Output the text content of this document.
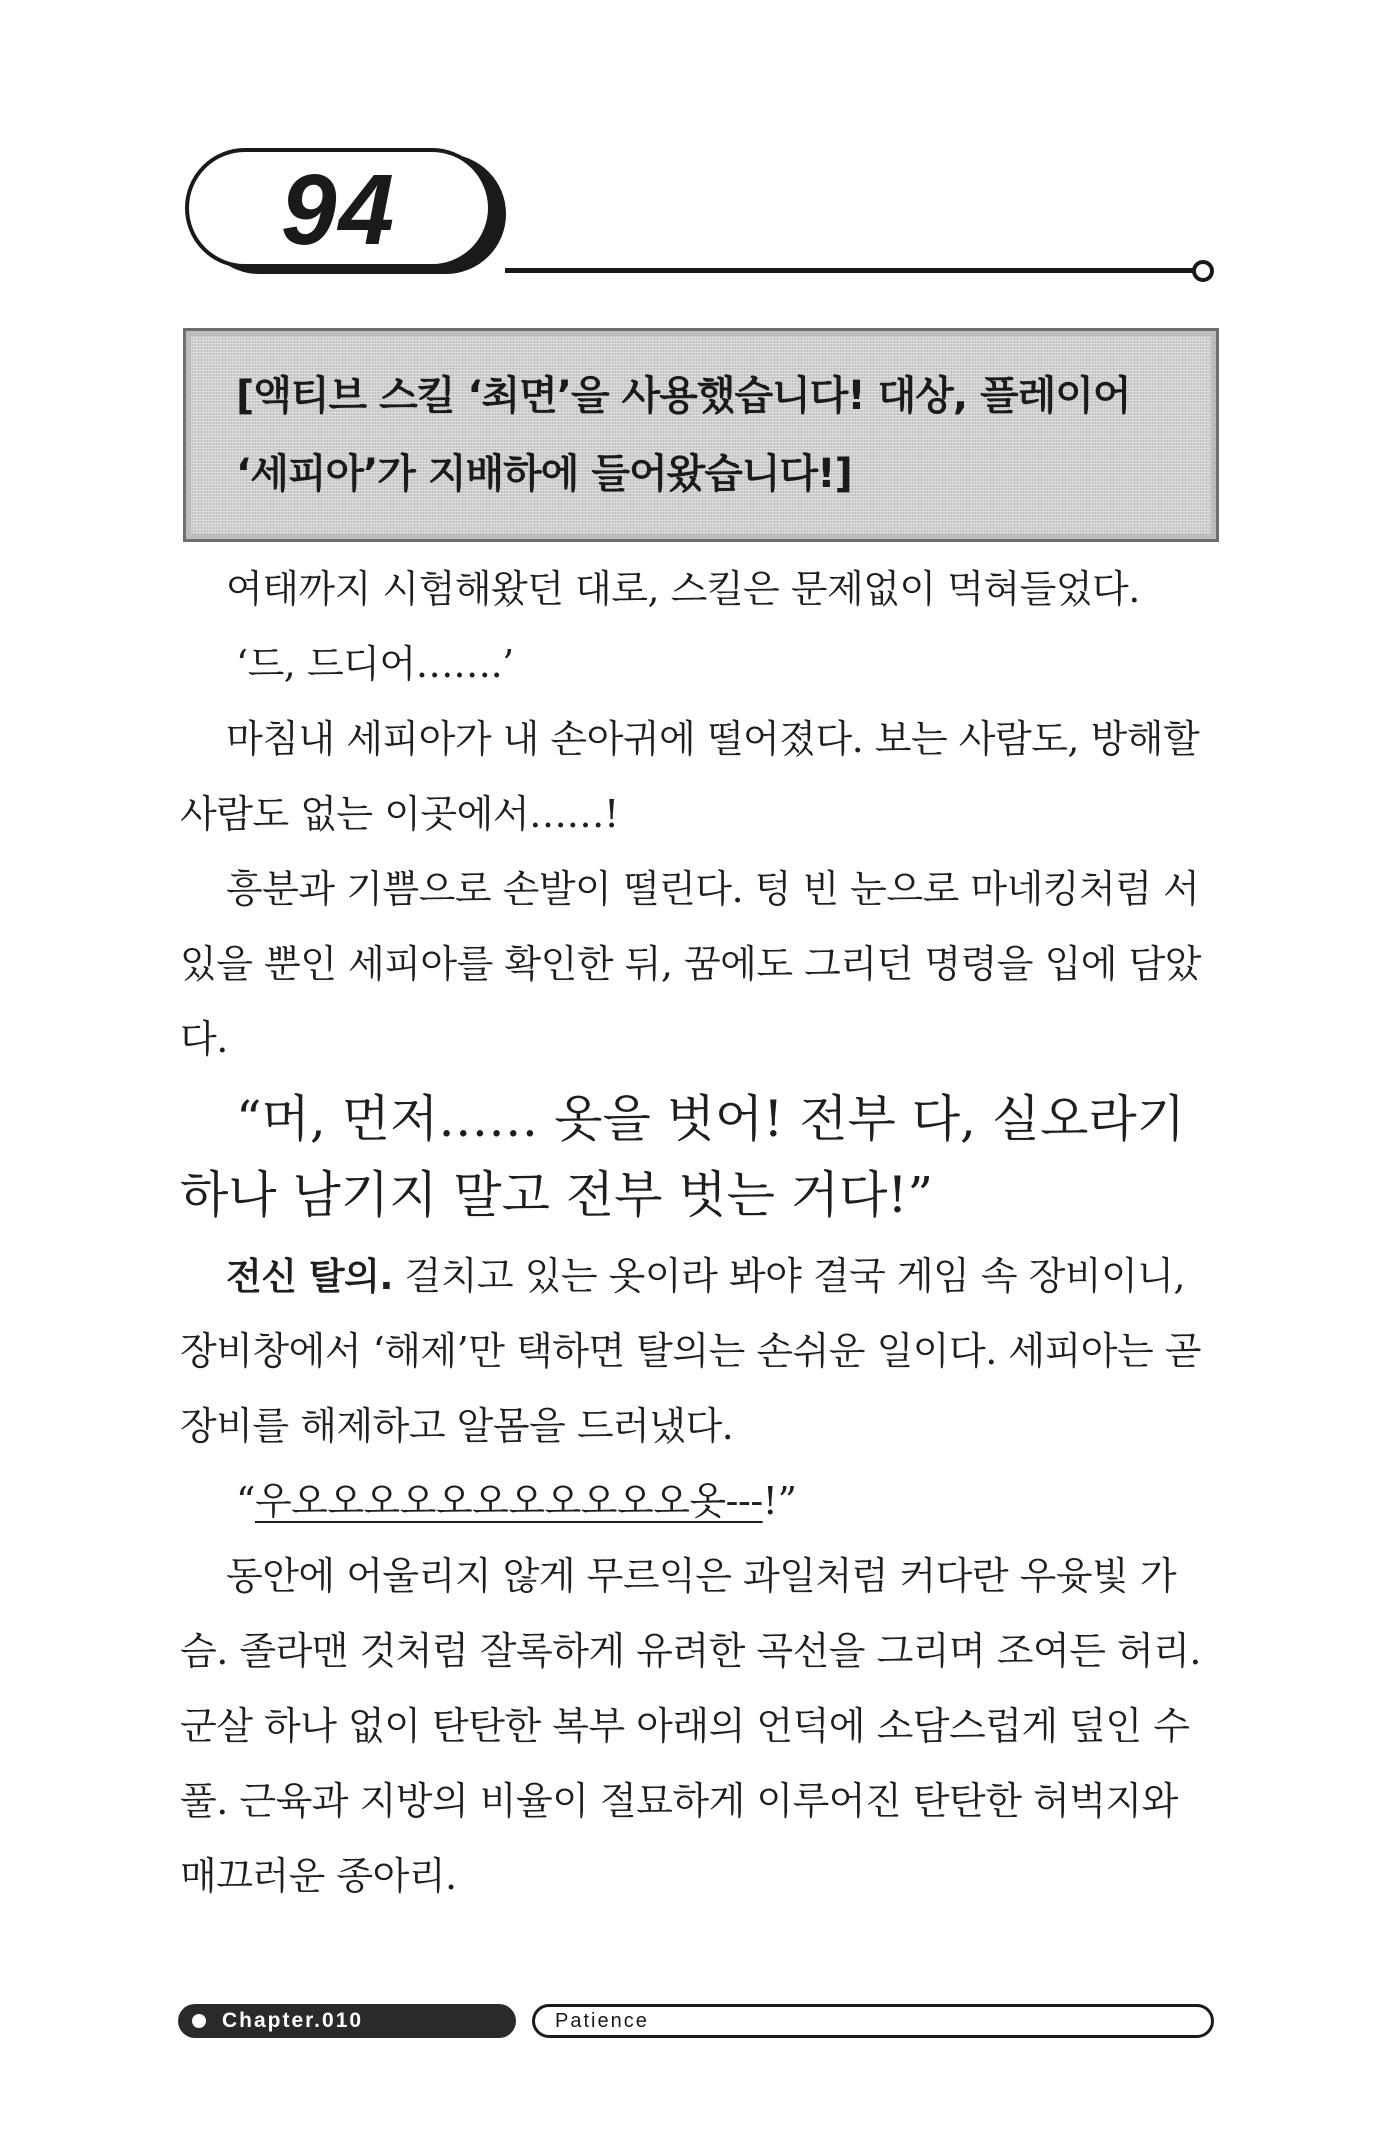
94

[액티브 스킬 ‘최면’을 사용했습니다! 대상, 플레이어
‘세피아’가 지배하에 들어왔습니다!]

여태까지 시험해왔던 대로, 스킬은 문제없이 먹혀들었다.

‘드, 드디어…….’

마침내 세피아가 내 손아귀에 떨어졌다. 보는 사람도, 방해할 사람도 없는 이곳에서……!

흥분과 기쁨으로 손발이 떨린다. 텅 빈 눈으로 마네킹처럼 서 있을 뿐인 세피아를 확인한 뒤, 꿈에도 그리던 명령을 입에 담았다.

“머, 먼저…… 옷을 벗어! 전부 다, 실오라기 하나 남기지 말고 전부 벗는 거다!”

전신 탈의. 걸치고 있는 옷이라 봐야 결국 게임 속 장비이니, 장비창에서 ‘해제’만 택하면 탈의는 손쉬운 일이다. 세피아는 곧 장비를 해제하고 알몸을 드러냈다.

“우오오오오오오오오오오오옷---!”

동안에 어울리지 않게 무르익은 과일처럼 커다란 우윳빛 가슴. 졸라맨 것처럼 잘록하게 유려한 곡선을 그리며 조여든 허리. 군살 하나 없이 탄탄한 복부 아래의 언덕에 소담스럽게 덮인 수풀. 근육과 지방의 비율이 절묘하게 이루어진 탄탄한 허벅지와 매끄러운 종아리.

Chapter.010	Patience
